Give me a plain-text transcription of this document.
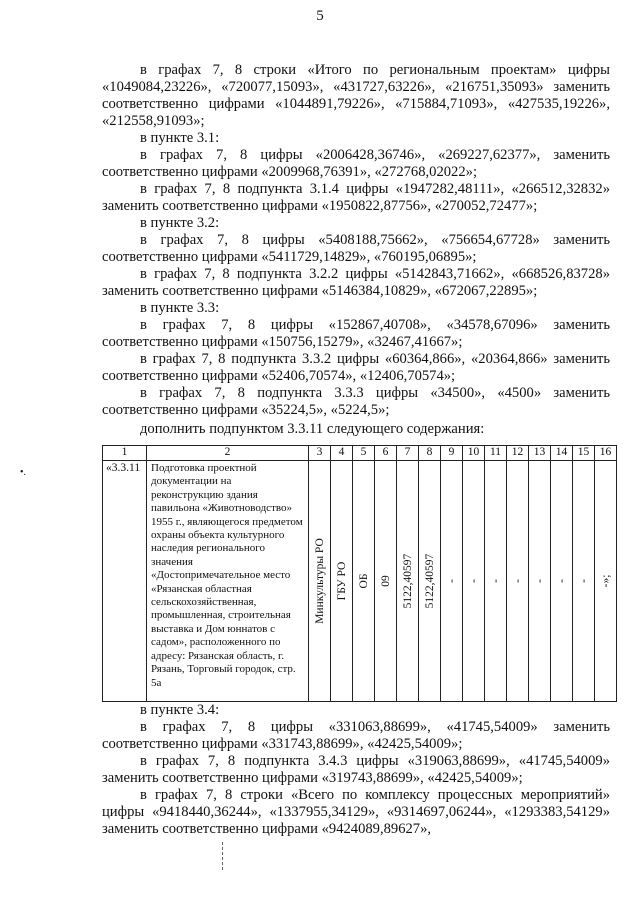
5
в графах 7, 8 строки «Итого по региональным проектам» цифры «1049084,23226», «720077,15093», «431727,63226», «216751,35093» заменить соответственно цифрами «1044891,79226», «715884,71093», «427535,19226», «212558,91093»;
в пункте 3.1:
в графах 7, 8 цифры «2006428,36746», «269227,62377», заменить соответственно цифрами «2009968,76391», «272768,02022»;
в графах 7, 8 подпункта 3.1.4 цифры «1947282,48111», «266512,32832» заменить соответственно цифрами «1950822,87756», «270052,72477»;
в пункте 3.2:
в графах 7, 8 цифры «5408188,75662», «756654,67728» заменить соответственно цифрами «5411729,14829», «760195,06895»;
в графах 7, 8 подпункта 3.2.2 цифры «5142843,71662», «668526,83728» заменить соответственно цифрами «5146384,10829», «672067,22895»;
в пункте 3.3:
в графах 7, 8 цифры «152867,40708», «34578,67096» заменить соответственно цифрами «150756,15279», «32467,41667»;
в графах 7, 8 подпункта 3.3.2 цифры «60364,866», «20364,866» заменить соответственно цифрами «52406,70574», «12406,70574»;
в графах 7, 8 подпункта 3.3.3 цифры «34500», «4500» заменить соответственно цифрами «35224,5», «5224,5»;
дополнить подпунктом 3.3.11 следующего содержания:
•.
1	2	3	4	5	6	7	8	9	10	11	12	13	14	15	16
«3.3.11	Подготовка проектной документации на реконструкцию здания павильона «Животноводство» 1955 г., являющегося предметом охраны объекта культурного наследия регионального значения «Достопримечательное место «Рязанская областная сельскохозяйственная, промышленная, строительная выставка и Дом юннатов с садом», расположенного по адресу: Рязанская область, г. Рязань, Торговый городок, стр. 5а	Минкультуры РО	ГБУ РО	ОБ	09	5122,40597	5122,40597	-	-	-	-	-	-	-	-»;
в пункте 3.4:
в графах 7, 8 цифры «331063,88699», «41745,54009» заменить соответственно цифрами «331743,88699», «42425,54009»;
в графах 7, 8 подпункта 3.4.3 цифры «319063,88699», «41745,54009» заменить соответственно цифрами «319743,88699», «42425,54009»;
в графах 7, 8 строки «Всего по комплексу процессных мероприятий» цифры «9418440,36244», «1337955,34129», «9314697,06244», «1293383,54129» заменить соответственно цифрами «9424089,89627»,
